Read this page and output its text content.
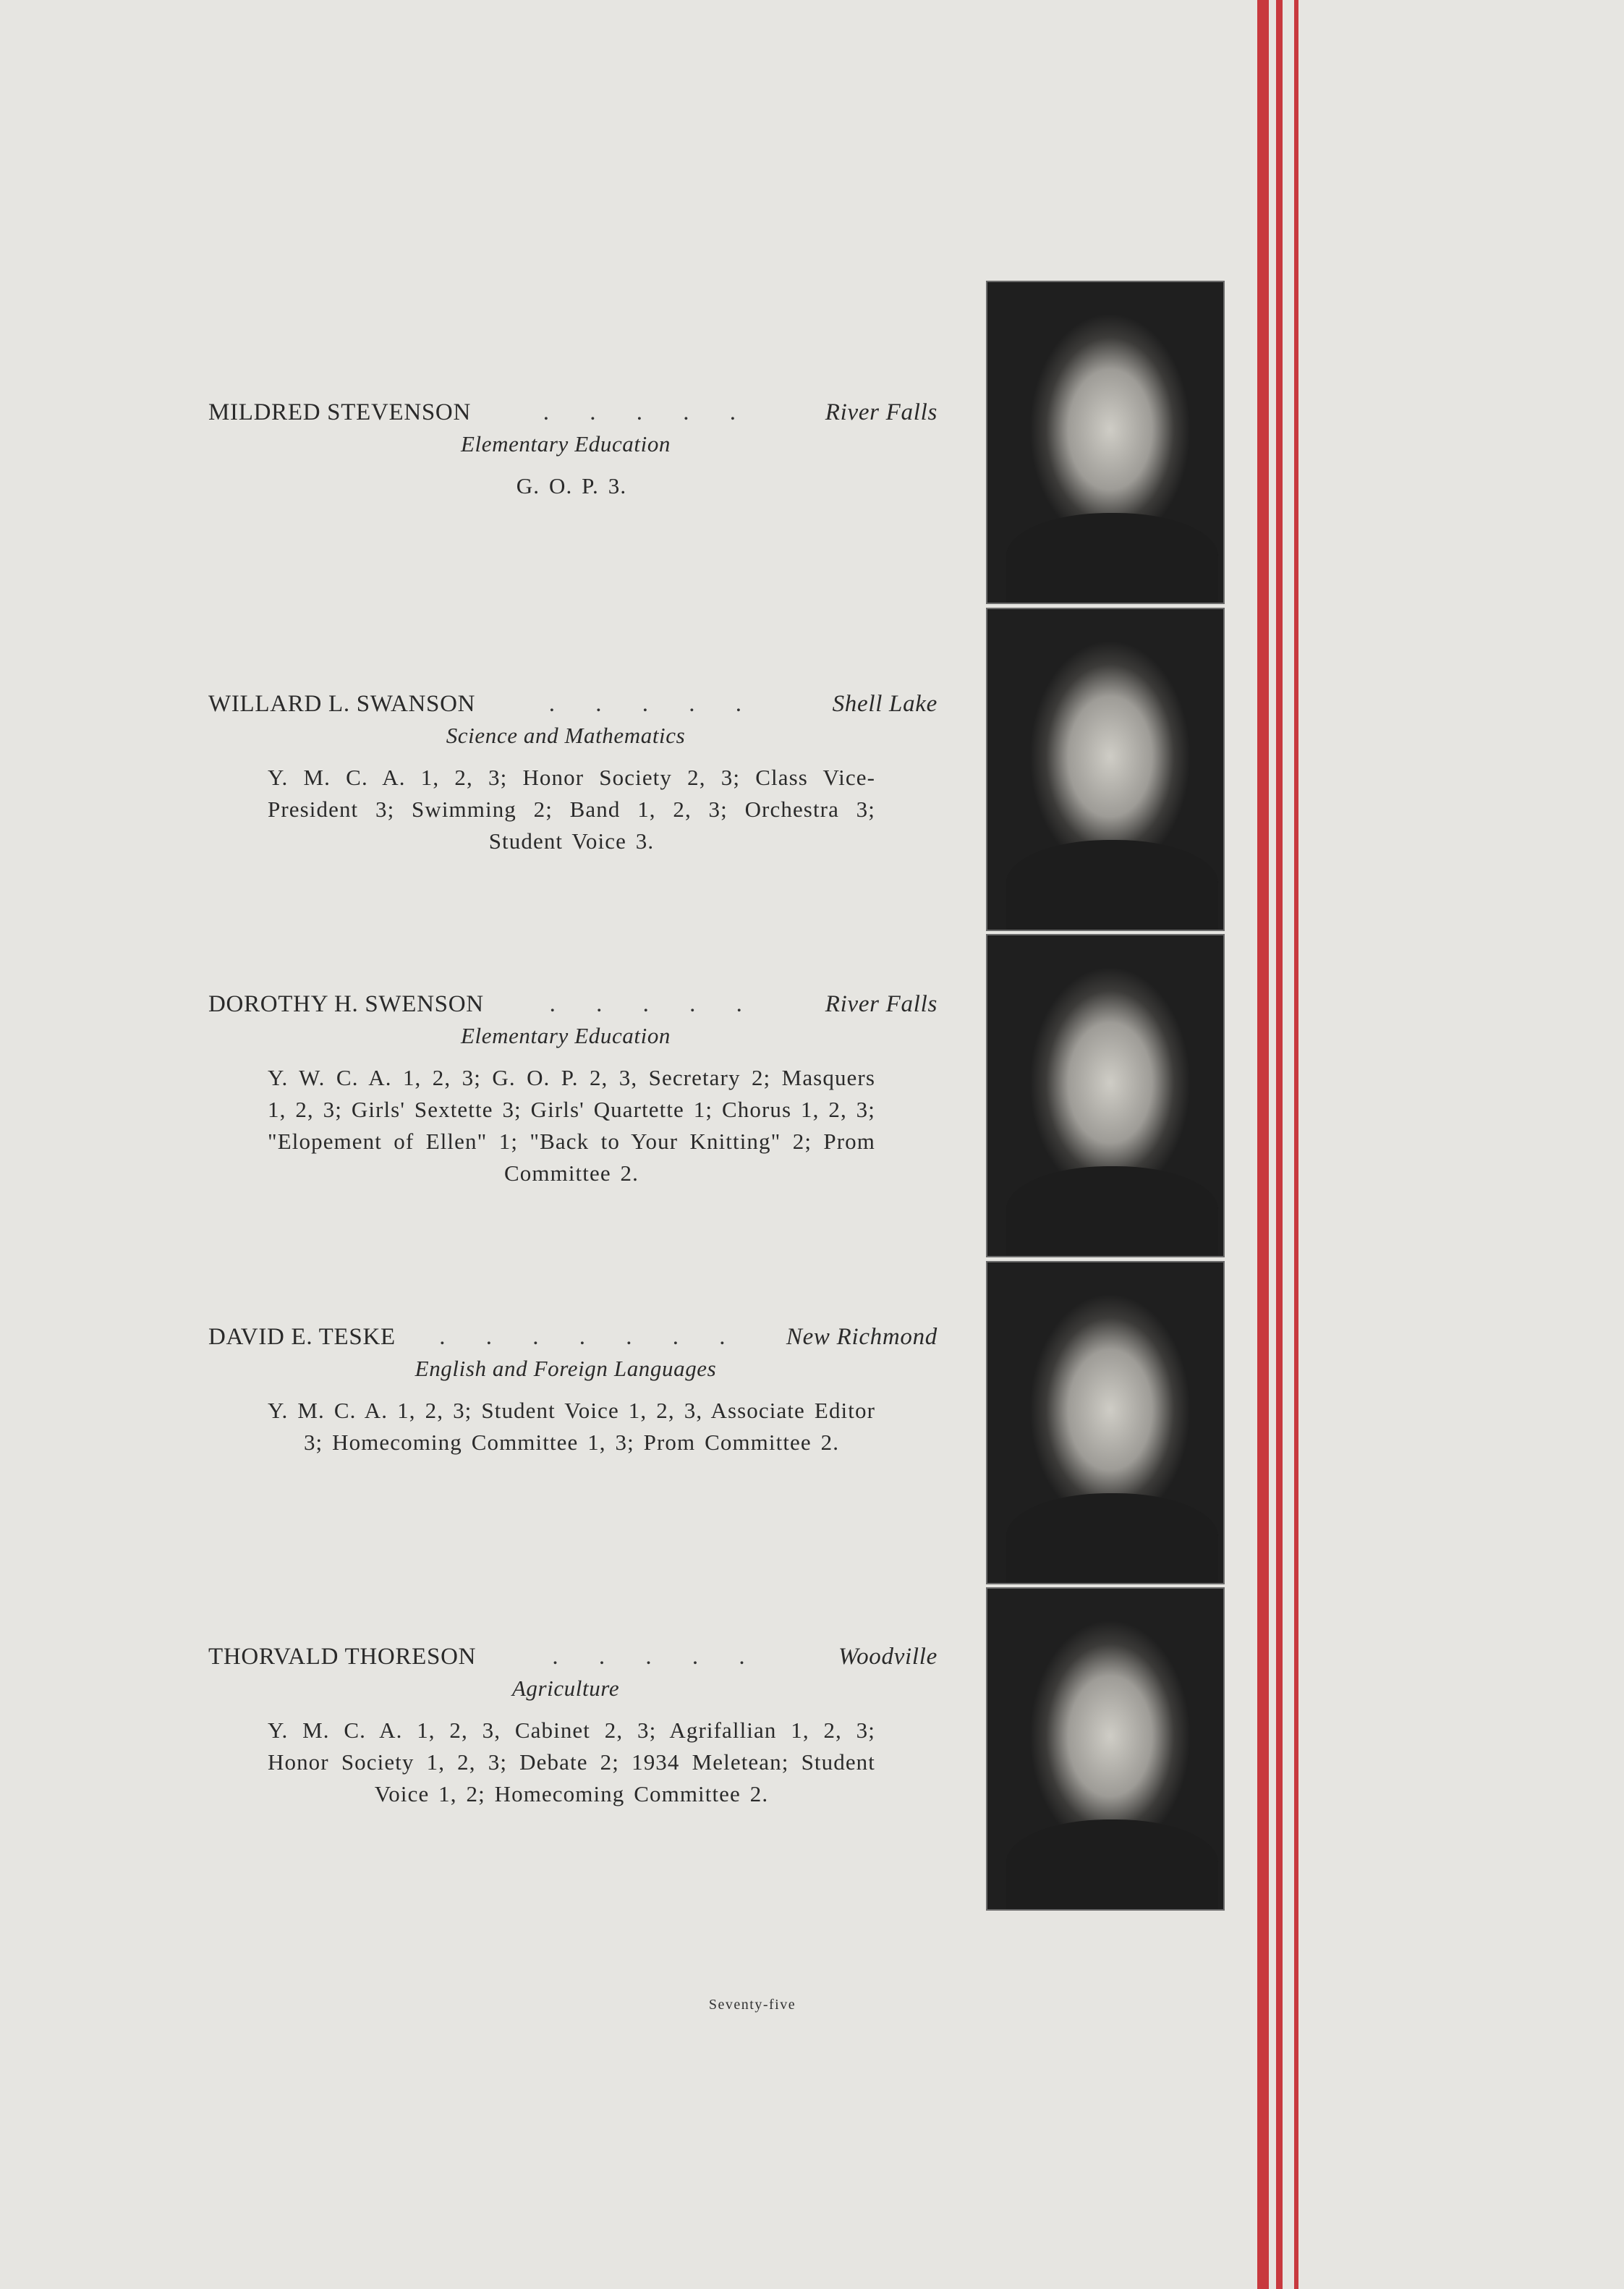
MILDRED STEVENSON	. . . . .	River Falls
Elementary Education
G. O. P. 3.
WILLARD L. SWANSON	. . . . .	Shell Lake
Science and Mathematics
Y. M. C. A. 1, 2, 3; Honor Society 2, 3; Class Vice-President 3; Swimming 2; Band 1, 2, 3; Orchestra 3; Student Voice 3.
DOROTHY H. SWENSON	. . . . .	River Falls
Elementary Education
Y. W. C. A. 1, 2, 3; G. O. P. 2, 3, Secretary 2; Masquers 1, 2, 3; Girls' Sextette 3; Girls' Quartette 1; Chorus 1, 2, 3; "Elopement of Ellen" 1; "Back to Your Knitting" 2; Prom Committee 2.
DAVID E. TESKE	. . . . . . .	New Richmond
English and Foreign Languages
Y. M. C. A. 1, 2, 3; Student Voice 1, 2, 3, Associate Editor 3; Homecoming Committee 1, 3; Prom Committee 2.
THORVALD THORESON	. . . . .	Woodville
Agriculture
Y. M. C. A. 1, 2, 3, Cabinet 2, 3; Agrifallian 1, 2, 3; Honor Society 1, 2, 3; Debate 2; 1934 Meletean; Student Voice 1, 2; Homecoming Committee 2.
Seventy-five
